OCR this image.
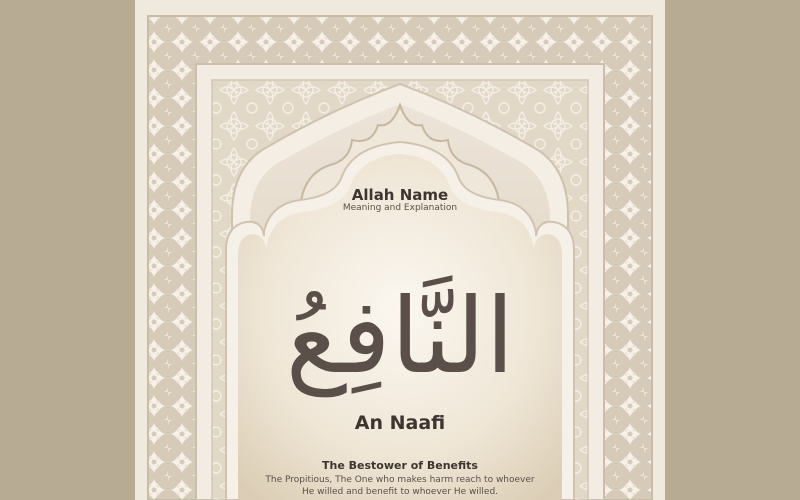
النَّافِعُ
Allah Name
Meaning and Explanation
An Naafi
The Bestower of Benefits
The Propitious, The One who makes harm reach to whoever
He willed and benefit to whoever He willed.
